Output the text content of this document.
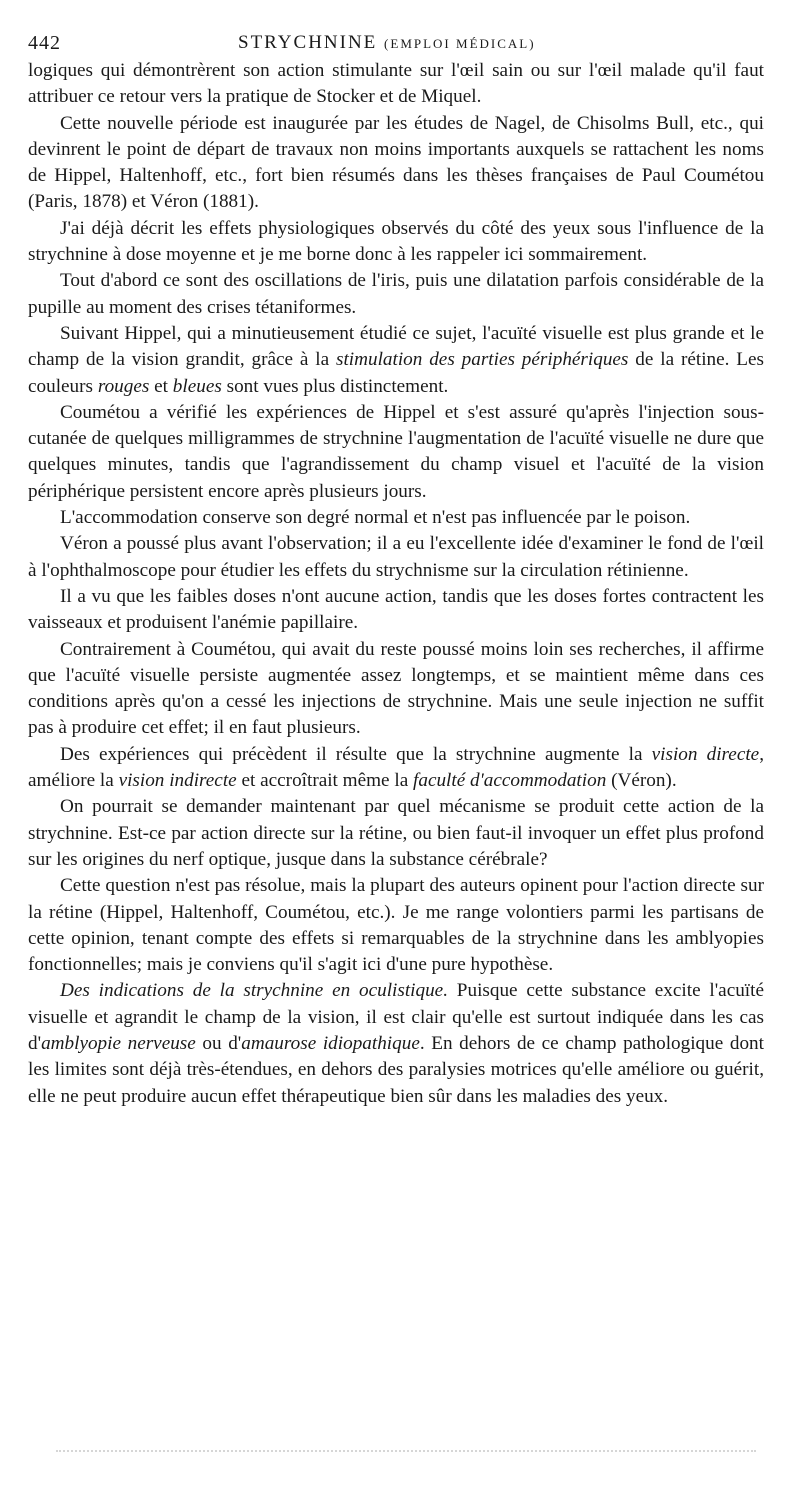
442	STRYCHNINE (EMPLOI MÉDICAL)

logiques qui démontrèrent son action stimulante sur l'œil sain ou sur l'œil malade qu'il faut attribuer ce retour vers la pratique de Stocker et de Miquel.

Cette nouvelle période est inaugurée par les études de Nagel, de Chisolms Bull, etc., qui devinrent le point de départ de travaux non moins importants auxquels se rattachent les noms de Hippel, Haltenhoff, etc., fort bien résumés dans les thèses françaises de Paul Coumétou (Paris, 1878) et Véron (1881).

J'ai déjà décrit les effets physiologiques observés du côté des yeux sous l'influence de la strychnine à dose moyenne et je me borne donc à les rappeler ici sommairement.

Tout d'abord ce sont des oscillations de l'iris, puis une dilatation parfois considérable de la pupille au moment des crises tétaniformes.

Suivant Hippel, qui a minutieusement étudié ce sujet, l'acuïté visuelle est plus grande et le champ de la vision grandit, grâce à la stimulation des parties périphériques de la rétine. Les couleurs rouges et bleues sont vues plus distinctement.

Coumétou a vérifié les expériences de Hippel et s'est assuré qu'après l'injection sous-cutanée de quelques milligrammes de strychnine l'augmentation de l'acuïté visuelle ne dure que quelques minutes, tandis que l'agrandissement du champ visuel et l'acuïté de la vision périphérique persistent encore après plusieurs jours.

L'accommodation conserve son degré normal et n'est pas influencée par le poison.

Véron a poussé plus avant l'observation; il a eu l'excellente idée d'examiner le fond de l'œil à l'ophthalmoscope pour étudier les effets du strychnisme sur la circulation rétinienne.

Il a vu que les faibles doses n'ont aucune action, tandis que les doses fortes contractent les vaisseaux et produisent l'anémie papillaire.

Contrairement à Coumétou, qui avait du reste poussé moins loin ses recherches, il affirme que l'acuïté visuelle persiste augmentée assez longtemps, et se maintient même dans ces conditions après qu'on a cessé les injections de strychnine. Mais une seule injection ne suffit pas à produire cet effet; il en faut plusieurs.

Des expériences qui précèdent il résulte que la strychnine augmente la vision directe, améliore la vision indirecte et accroîtrait même la faculté d'accommodation (Véron).

On pourrait se demander maintenant par quel mécanisme se produit cette action de la strychnine. Est-ce par action directe sur la rétine, ou bien faut-il invoquer un effet plus profond sur les origines du nerf optique, jusque dans la substance cérébrale?

Cette question n'est pas résolue, mais la plupart des auteurs opinent pour l'action directe sur la rétine (Hippel, Haltenhoff, Coumétou, etc.). Je me range volontiers parmi les partisans de cette opinion, tenant compte des effets si remarquables de la strychnine dans les amblyopies fonctionnelles; mais je conviens qu'il s'agit ici d'une pure hypothèse.

Des indications de la strychnine en oculistique. Puisque cette substance excite l'acuïté visuelle et agrandit le champ de la vision, il est clair qu'elle est surtout indiquée dans les cas d'amblyopie nerveuse ou d'amaurose idiopathique. En dehors de ce champ pathologique dont les limites sont déjà très-étendues, en dehors des paralysies motrices qu'elle améliore ou guérit, elle ne peut produire aucun effet thérapeutique bien sûr dans les maladies des yeux.
